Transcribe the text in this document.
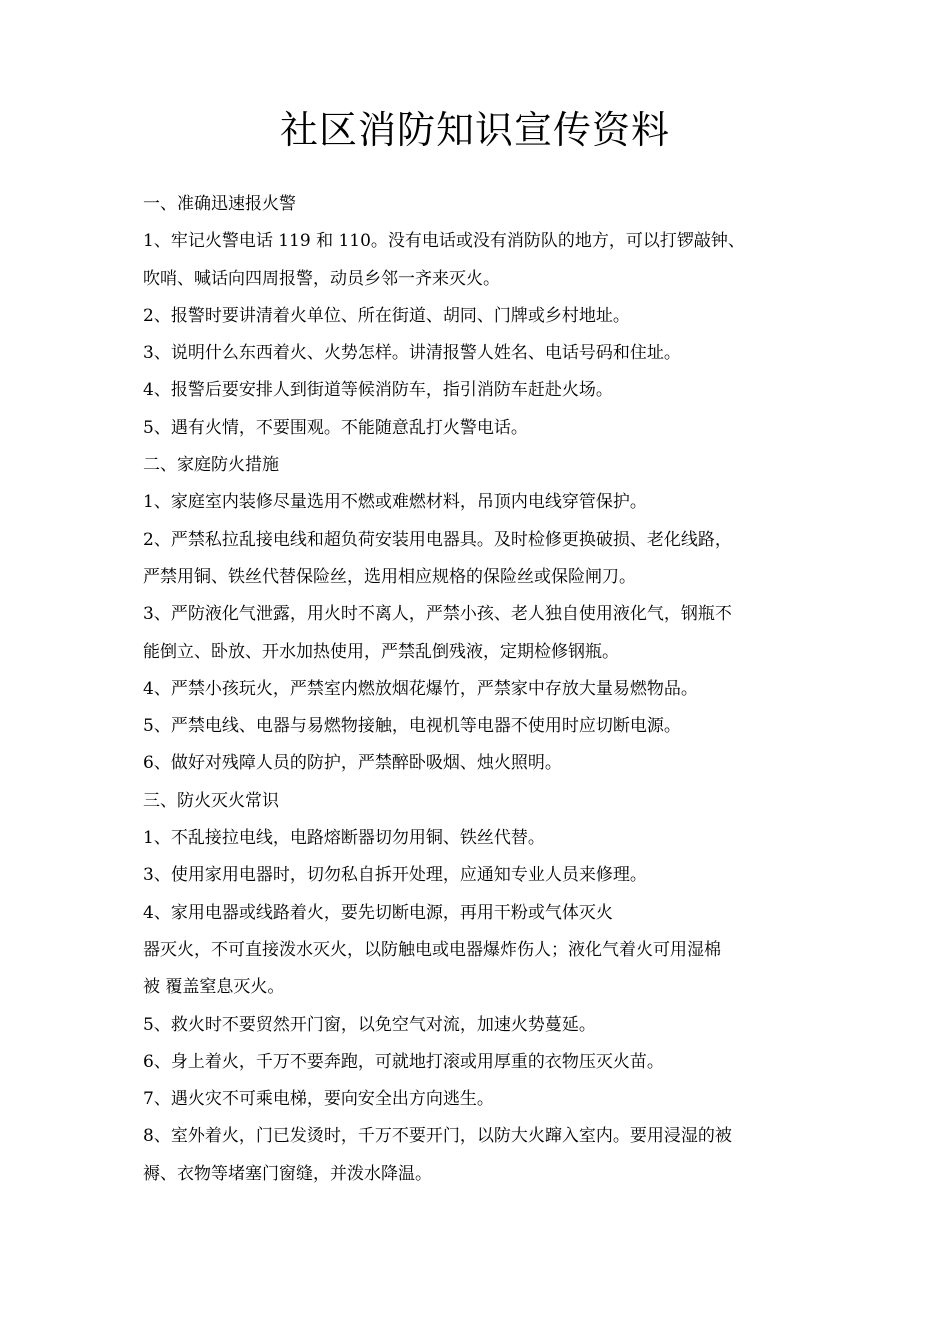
社区消防知识宣传资料
一、准确迅速报火警
1、牢记火警电话 119 和 110。没有电话或没有消防队的地方，可以打锣敲钟、
吹哨、喊话向四周报警，动员乡邻一齐来灭火。
2、报警时要讲清着火单位、所在街道、胡同、门牌或乡村地址。
3、说明什么东西着火、火势怎样。讲清报警人姓名、电话号码和住址。
4、报警后要安排人到街道等候消防车，指引消防车赶赴火场。
5、遇有火情，不要围观。不能随意乱打火警电话。
二、家庭防火措施
1、家庭室内装修尽量选用不燃或难燃材料，吊顶内电线穿管保护。
2、严禁私拉乱接电线和超负荷安装用电器具。及时检修更换破损、老化线路，
严禁用铜、铁丝代替保险丝，选用相应规格的保险丝或保险闸刀。
3、严防液化气泄露，用火时不离人，严禁小孩、老人独自使用液化气，钢瓶不
能倒立、卧放、开水加热使用，严禁乱倒残液，定期检修钢瓶。
4、严禁小孩玩火，严禁室内燃放烟花爆竹，严禁家中存放大量易燃物品。
5、严禁电线、电器与易燃物接触，电视机等电器不使用时应切断电源。
6、做好对残障人员的防护，严禁醉卧吸烟、烛火照明。
三、防火灭火常识
1、不乱接拉电线，电路熔断器切勿用铜、铁丝代替。
3、使用家用电器时，切勿私自拆开处理，应通知专业人员来修理。
4、家用电器或线路着火，要先切断电源，再用干粉或气体灭火
器灭火，不可直接泼水灭火，以防触电或电器爆炸伤人；液化气着火可用湿棉
被 覆盖窒息灭火。
5、救火时不要贸然开门窗，以免空气对流，加速火势蔓延。
6、身上着火，千万不要奔跑，可就地打滚或用厚重的衣物压灭火苗。
7、遇火灾不可乘电梯，要向安全出方向逃生。
8、室外着火，门已发烫时，千万不要开门，以防大火蹿入室内。要用浸湿的被
褥、衣物等堵塞门窗缝，并泼水降温。
